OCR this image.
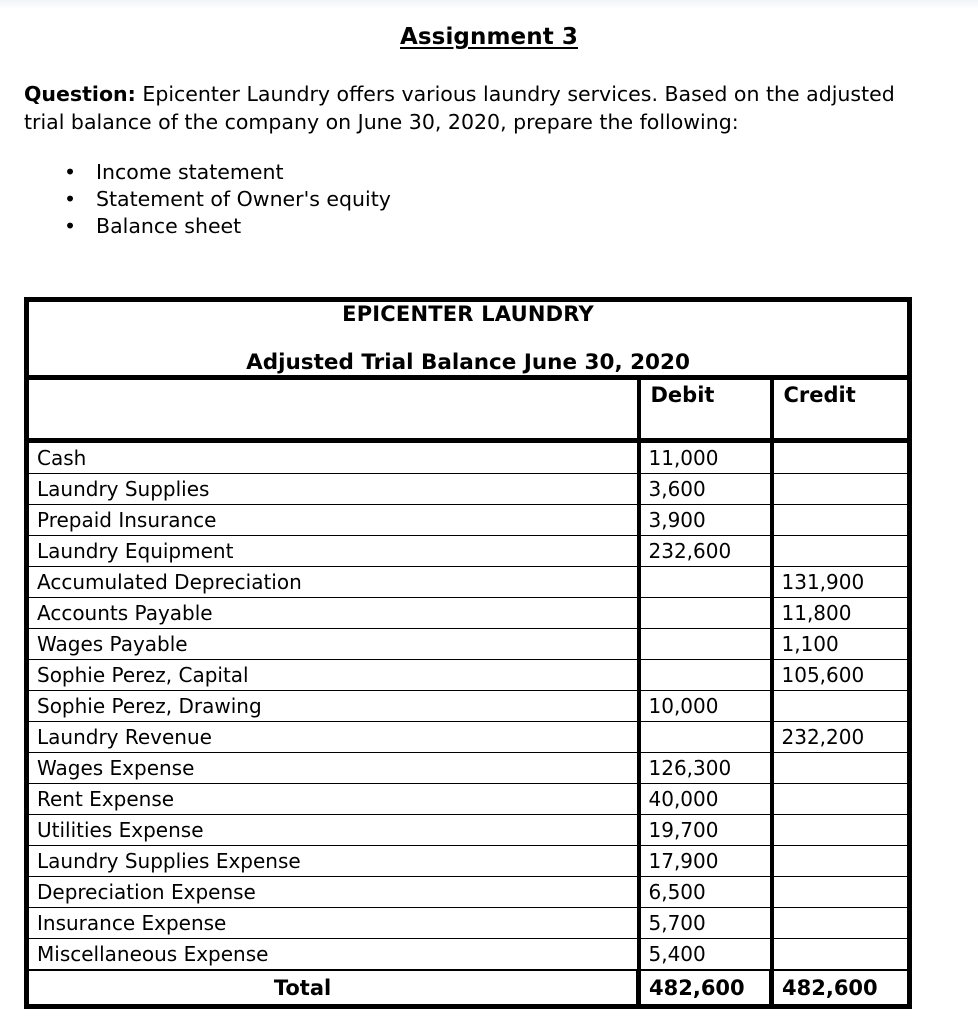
Assignment 3

Question: Epicenter Laundry offers various laundry services. Based on the adjusted trial balance of the company on June 30, 2020, prepare the following:

• Income statement
• Statement of Owner's equity
• Balance sheet
EPICENTER LAUNDRY
Adjusted Trial Balance June 30, 2020		

	Debit	Credit
Cash	11,000	
Laundry Supplies	3,600	
Prepaid Insurance	3,900	
Laundry Equipment	232,600	
Accumulated Depreciation		131,900
Accounts Payable		11,800
Wages Payable		1,100
Sophie Perez, Capital		105,600
Sophie Perez, Drawing	10,000	
Laundry Revenue		232,200
Wages Expense	126,300	
Rent Expense	40,000	
Utilities Expense	19,700	
Laundry Supplies Expense	17,900	
Depreciation Expense	6,500	
Insurance Expense	5,700	
Miscellaneous Expense	5,400	
Total	482,600	482,600
